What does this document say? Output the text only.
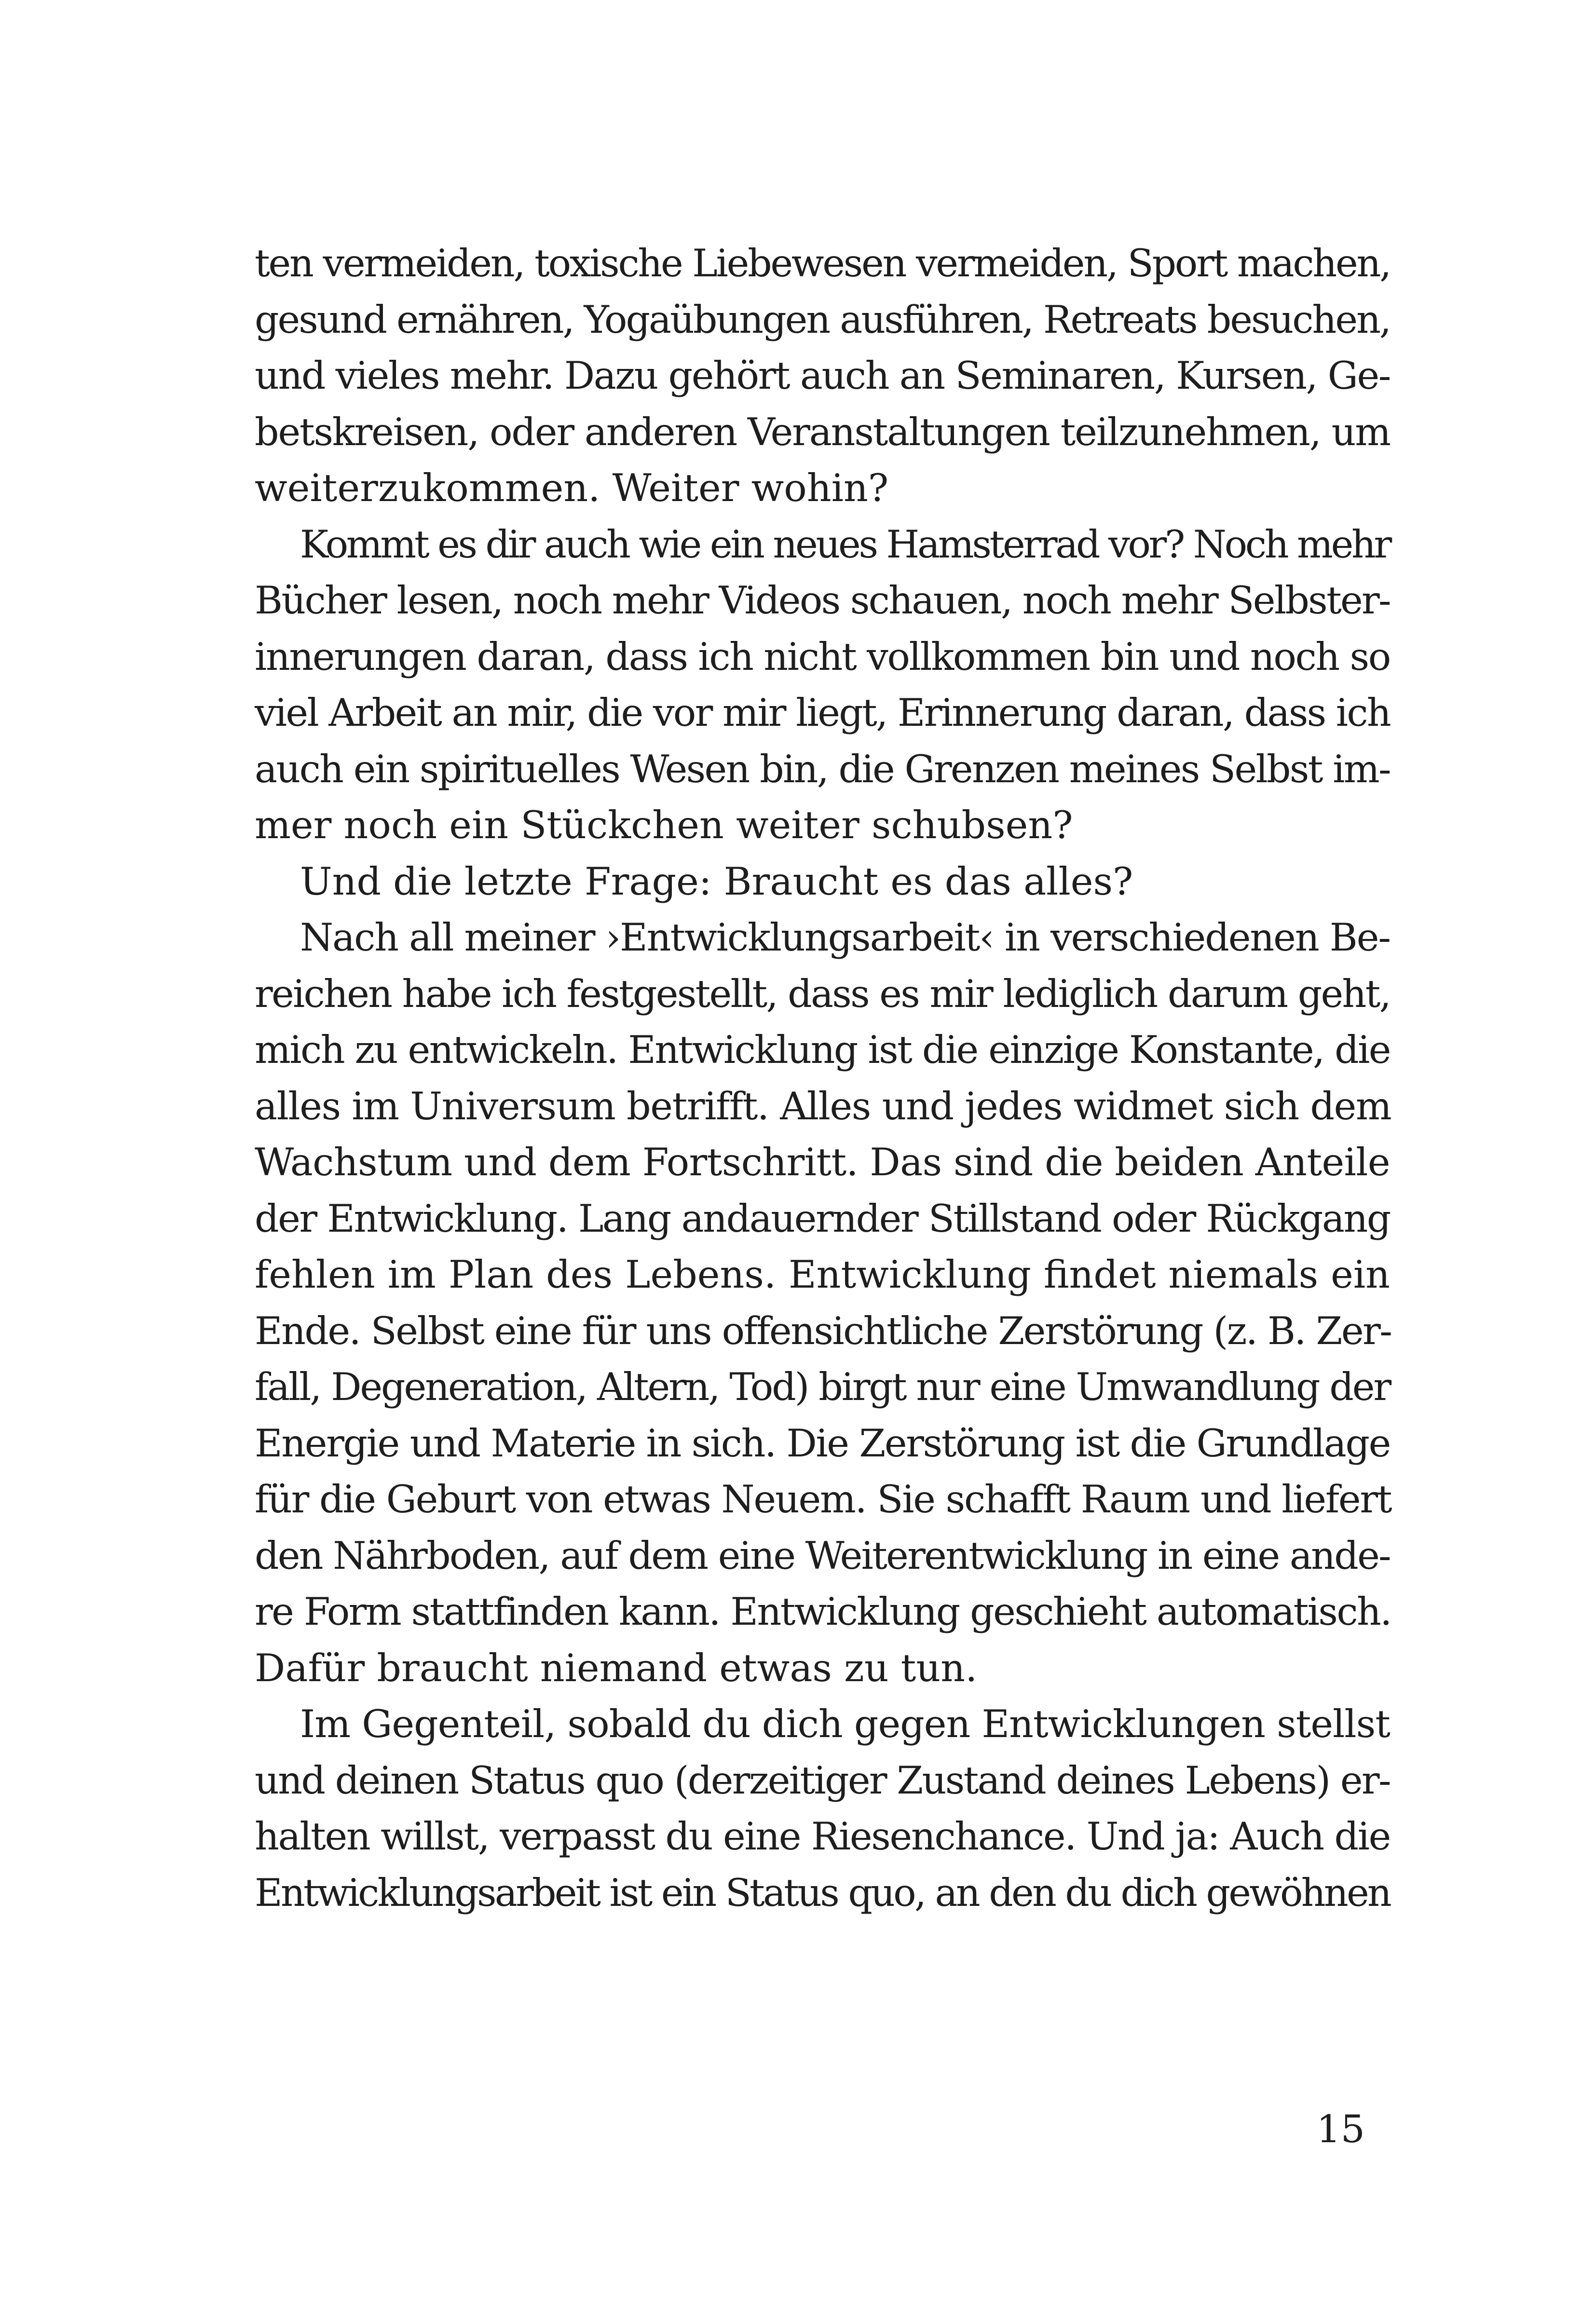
ten vermeiden, toxische Liebewesen vermeiden, Sport machen,
gesund ernähren, Yogaübungen ausführen, Retreats besuchen,
und vieles mehr. Dazu gehört auch an Seminaren, Kursen, Ge-
betskreisen, oder anderen Veranstaltungen teilzunehmen, um
weiterzukommen. Weiter wohin?
Kommt es dir auch wie ein neues Hamsterrad vor? Noch mehr
Bücher lesen, noch mehr Videos schauen, noch mehr Selbster-
innerungen daran, dass ich nicht vollkommen bin und noch so
viel Arbeit an mir, die vor mir liegt, Erinnerung daran, dass ich
auch ein spirituelles Wesen bin, die Grenzen meines Selbst im-
mer noch ein Stückchen weiter schubsen?
Und die letzte Frage: Braucht es das alles?
Nach all meiner ›Entwicklungsarbeit‹ in verschiedenen Be-
reichen habe ich festgestellt, dass es mir lediglich darum geht,
mich zu entwickeln. Entwicklung ist die einzige Konstante, die
alles im Universum betrifft. Alles und jedes widmet sich dem
Wachstum und dem Fortschritt. Das sind die beiden Anteile
der Entwicklung. Lang andauernder Stillstand oder Rückgang
fehlen im Plan des Lebens. Entwicklung findet niemals ein
Ende. Selbst eine für uns offensichtliche Zerstörung (z. B. Zer-
fall, Degeneration, Altern, Tod) birgt nur eine Umwandlung der
Energie und Materie in sich. Die Zerstörung ist die Grundlage
für die Geburt von etwas Neuem. Sie schafft Raum und liefert
den Nährboden, auf dem eine Weiterentwicklung in eine ande-
re Form stattfinden kann. Entwicklung geschieht automatisch.
Dafür braucht niemand etwas zu tun.
Im Gegenteil, sobald du dich gegen Entwicklungen stellst
und deinen Status quo (derzeitiger Zustand deines Lebens) er-
halten willst, verpasst du eine Riesenchance. Und ja: Auch die
Entwicklungsarbeit ist ein Status quo, an den du dich gewöhnen
15
